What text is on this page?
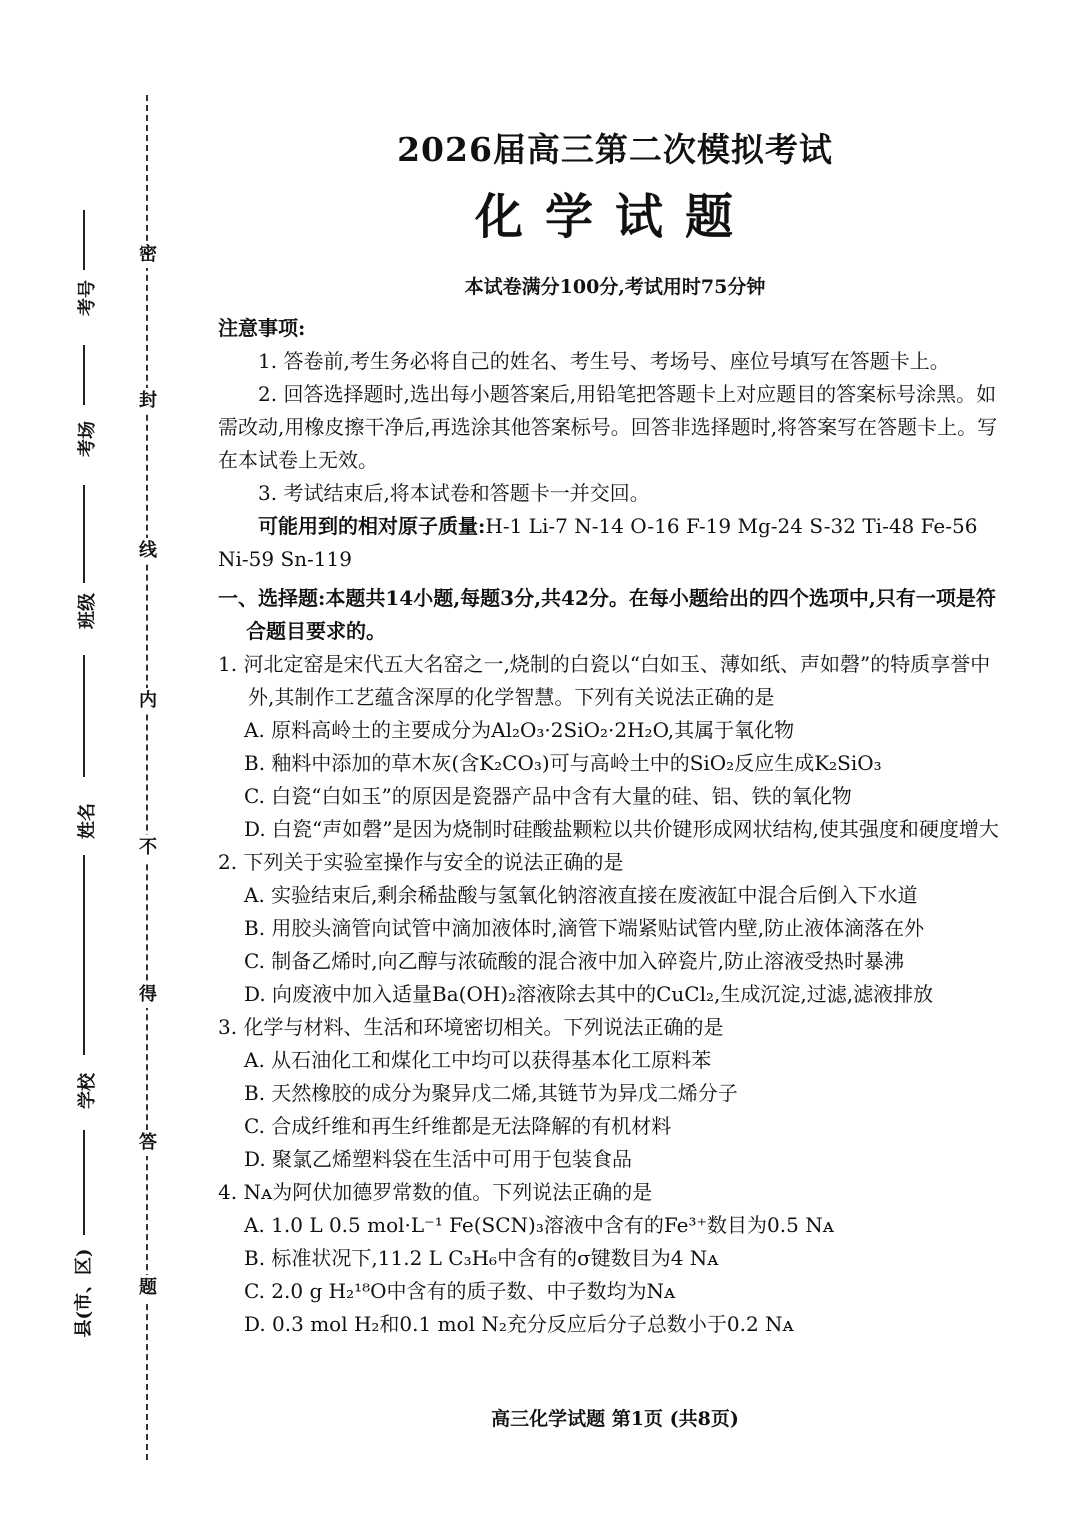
考号
考场
班级
姓名
学校
县(市、区)
密
封
线
内
不
得
答
题
2026届高三第二次模拟考试
化学试题
本试卷满分100分,考试用时75分钟

注意事项:

1. 答卷前,考生务必将自己的姓名、考生号、考场号、座位号填写在答题卡上。

2. 回答选择题时,选出每小题答案后,用铅笔把答题卡上对应题目的答案标号涂黑。如需改动,用橡皮擦干净后,再选涂其他答案标号。回答非选择题时,将答案写在答题卡上。写在本试卷上无效。

3. 考试结束后,将本试卷和答题卡一并交回。

可能用到的相对原子质量:H-1 Li-7 N-14 O-16 F-19 Mg-24 S-32 Ti-48 Fe-56 Ni-59 Sn-119

一、选择题:本题共14小题,每题3分,共42分。在每小题给出的四个选项中,只有一项是符合题目要求的。

1. 河北定窑是宋代五大名窑之一,烧制的白瓷以“白如玉、薄如纸、声如磬”的特质享誉中外,其制作工艺蕴含深厚的化学智慧。下列有关说法正确的是

A. 原料高岭土的主要成分为Al₂O₃·2SiO₂·2H₂O,其属于氧化物

B. 釉料中添加的草木灰(含K₂CO₃)可与高岭土中的SiO₂反应生成K₂SiO₃

C. 白瓷“白如玉”的原因是瓷器产品中含有大量的硅、铝、铁的氧化物

D. 白瓷“声如磬”是因为烧制时硅酸盐颗粒以共价键形成网状结构,使其强度和硬度增大

2. 下列关于实验室操作与安全的说法正确的是

A. 实验结束后,剩余稀盐酸与氢氧化钠溶液直接在废液缸中混合后倒入下水道

B. 用胶头滴管向试管中滴加液体时,滴管下端紧贴试管内壁,防止液体滴落在外

C. 制备乙烯时,向乙醇与浓硫酸的混合液中加入碎瓷片,防止溶液受热时暴沸

D. 向废液中加入适量Ba(OH)₂溶液除去其中的CuCl₂,生成沉淀,过滤,滤液排放

3. 化学与材料、生活和环境密切相关。下列说法正确的是

A. 从石油化工和煤化工中均可以获得基本化工原料苯

B. 天然橡胶的成分为聚异戊二烯,其链节为异戊二烯分子

C. 合成纤维和再生纤维都是无法降解的有机材料

D. 聚氯乙烯塑料袋在生活中可用于包装食品

4. Nᴀ为阿伏加德罗常数的值。下列说法正确的是

A. 1.0 L 0.5 mol·L⁻¹ Fe(SCN)₃溶液中含有的Fe³⁺数目为0.5 Nᴀ

B. 标准状况下,11.2 L C₃H₆中含有的σ键数目为4 Nᴀ

C. 2.0 g H₂¹⁸O中含有的质子数、中子数均为Nᴀ

D. 0.3 mol H₂和0.1 mol N₂充分反应后分子总数小于0.2 Nᴀ

高三化学试题 第1页 (共8页)
